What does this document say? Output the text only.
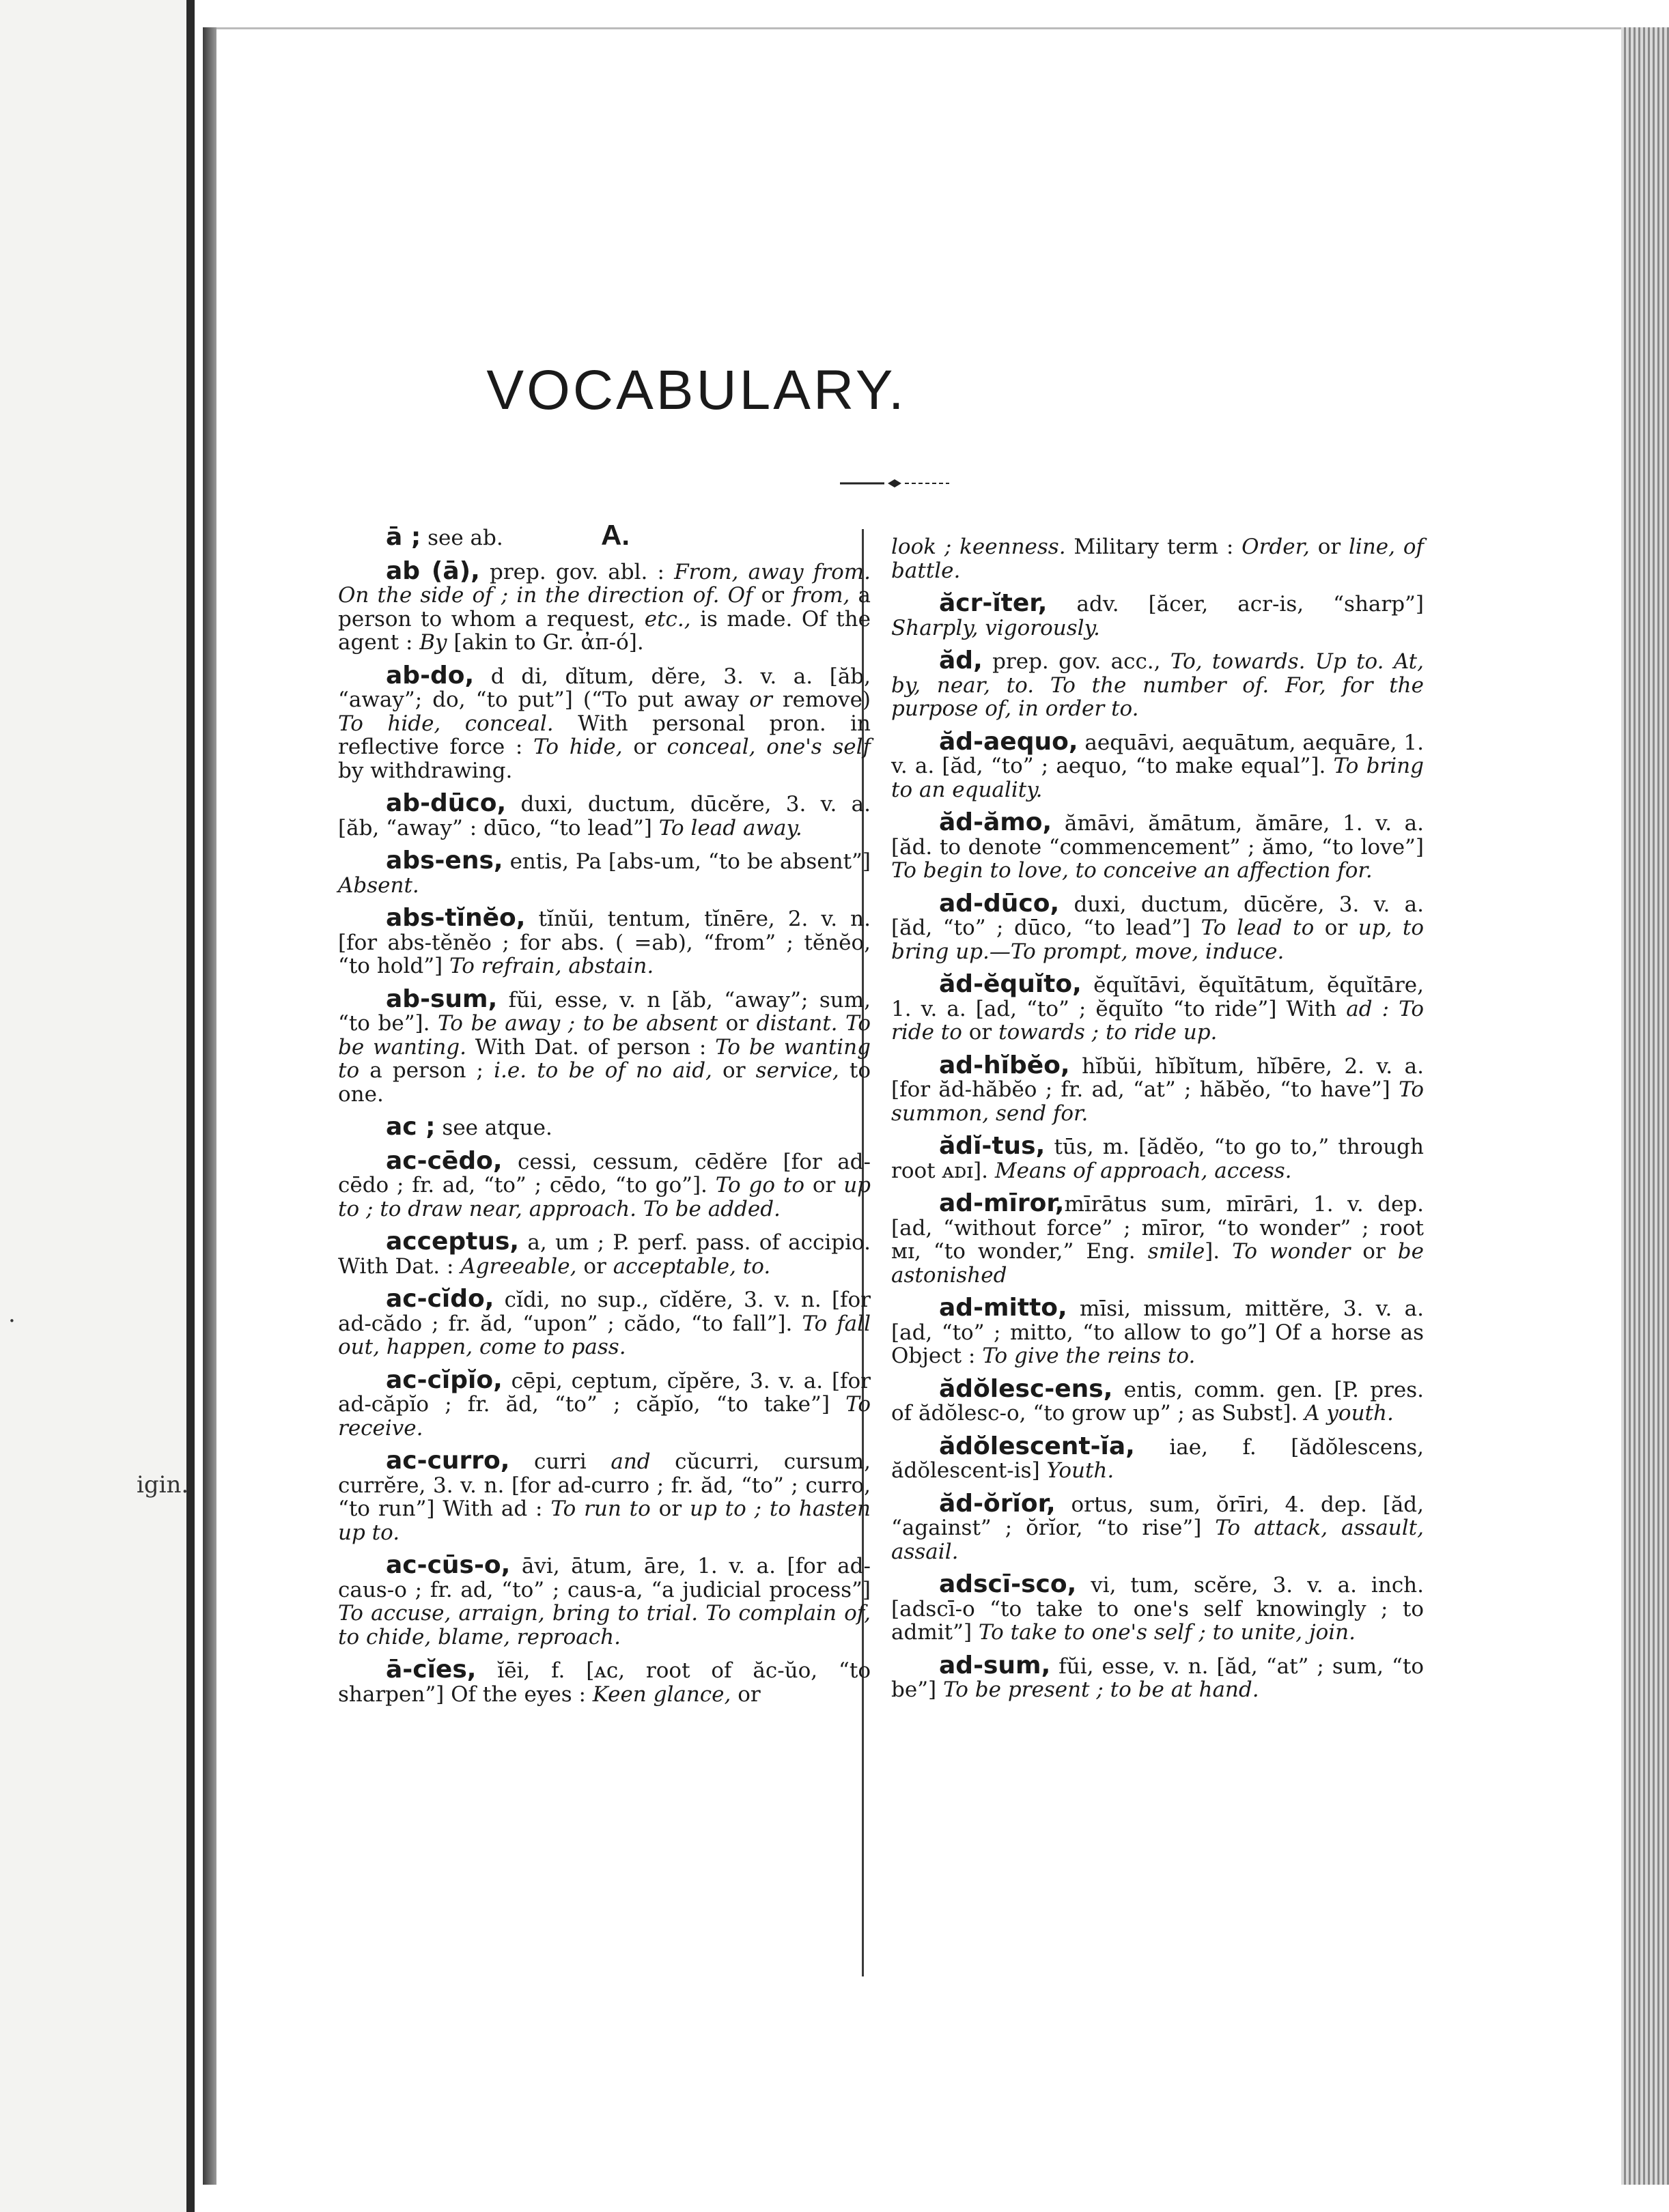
.
igin.
VOCABULARY.
A.

ā ; see ab.

ab (ā), prep. gov. abl. : From, away from. On the side of ; in the direction of. Of or from, a person to whom a request, etc., is made. Of the agent : By [akin to Gr. ἀπ-ό].

ab-do, d di, dĭtum, dĕre, 3. v. a. [ăb, “away”; do, “to put”] (“To put away or remove) To hide, conceal. With personal pron. in reflective force : To hide, or conceal, one's self by withdrawing.

ab-dūco, duxi, ductum, dūcĕre, 3. v. a. [ăb, “away” : dūco, “to lead”] To lead away.

abs-ens, entis, Pa [abs-um, “to be absent”] Absent.

abs-tĭnĕo, tĭnŭi, tentum, tĭnēre, 2. v. n. [for abs-tĕnĕo ; for abs. ( =ab), “from” ; tĕnĕo, “to hold”] To refrain, abstain.

ab-sum, fŭi, esse, v. n [ăb, “away”; sum, “to be”]. To be away ; to be absent or distant. To be wanting. With Dat. of person : To be wanting to a person ; i.e. to be of no aid, or service, to one.

ac ; see atque.

ac-cēdo, cessi, cessum, cēdĕre [for ad-cēdo ; fr. ad, “to” ; cēdo, “to go”]. To go to or up to ; to draw near, approach. To be added.

acceptus, a, um ; P. perf. pass. of accipio. With Dat. : Agreeable, or acceptable, to.

ac-cĭdo, cĭdi, no sup., cĭdĕre, 3. v. n. [for ad-cădo ; fr. ăd, “upon” ; cădo, “to fall”]. To fall out, happen, come to pass.

ac-cĭpĭo, cēpi, ceptum, cĭpĕre, 3. v. a. [for ad-căpĭo ; fr. ăd, “to” ; căpĭo, “to take”] To receive.

ac-curro, curri and cŭcurri, cursum, currĕre, 3. v. n. [for ad-curro ; fr. ăd, “to” ; curro, “to run”] With ad : To run to or up to ; to hasten up to.

ac-cūs-o, āvi, ātum, āre, 1. v. a. [for ad-caus-o ; fr. ad, “to” ; caus-a, “a judicial process”] To accuse, arraign, bring to trial. To complain of, to chide, blame, reproach.

ā-cĭes, ĭēi, f. [ᴀᴄ, root of ăc-ŭo, “to sharpen”] Of the eyes : Keen glance, or

look ; keenness. Military term : Order, or line, of battle.

ăcr-ĭter, adv. [ăcer, acr-is, “sharp”] Sharply, vigorously.

ăd, prep. gov. acc., To, towards. Up to. At, by, near, to. To the number of. For, for the purpose of, in order to.

ăd-aequo, aequāvi, aequātum, aequāre, 1. v. a. [ăd, “to” ; aequo, “to make equal”]. To bring to an equality.

ăd-ămo, ămāvi, ămātum, ămāre, 1. v. a. [ăd. to denote “commencement” ; ămo, “to love”] To begin to love, to conceive an affection for.

ad-dūco, duxi, ductum, dūcĕre, 3. v. a. [ăd, “to” ; dūco, “to lead”] To lead to or up, to bring up.—To prompt, move, induce.

ăd-ĕquĭto, ĕquĭtāvi, ĕquĭtātum, ĕquĭtāre, 1. v. a. [ad, “to” ; ĕquĭto “to ride”] With ad : To ride to or towards ; to ride up.

ad-hĭbĕo, hĭbŭi, hĭbĭtum, hĭbēre, 2. v. a. [for ăd-hăbĕo ; fr. ad, “at” ; hăbĕo, “to have”] To summon, send for.

ădĭ-tus, tūs, m. [ădĕo, “to go to,” through root ᴀᴅɪ]. Means of approach, access.

ad-mīror,mīrātus sum, mīrāri, 1. v. dep. [ad, “without force” ; mīror, “to wonder” ; root ᴍɪ, “to wonder,” Eng. smile]. To wonder or be astonished

ad-mitto, mīsi, missum, mittĕre, 3. v. a. [ad, “to” ; mitto, “to allow to go”] Of a horse as Object : To give the reins to.

ădŏlesc-ens, entis, comm. gen. [P. pres. of ădŏlesc-o, “to grow up” ; as Subst]. A youth.

ădŏlescent-ĭa, iae, f. [ădŏlescens, ădŏlescent-is] Youth.

ăd-ŏrĭor, ortus, sum, ŏrīri, 4. dep. [ăd, “against” ; ŏrĭor, “to rise”] To attack, assault, assail.

adscī-sco, vi, tum, scĕre, 3. v. a. inch. [adscī-o “to take to one's self knowingly ; to admit”] To take to one's self ; to unite, join.

ad-sum, fŭi, esse, v. n. [ăd, “at” ; sum, “to be”] To be present ; to be at hand.
